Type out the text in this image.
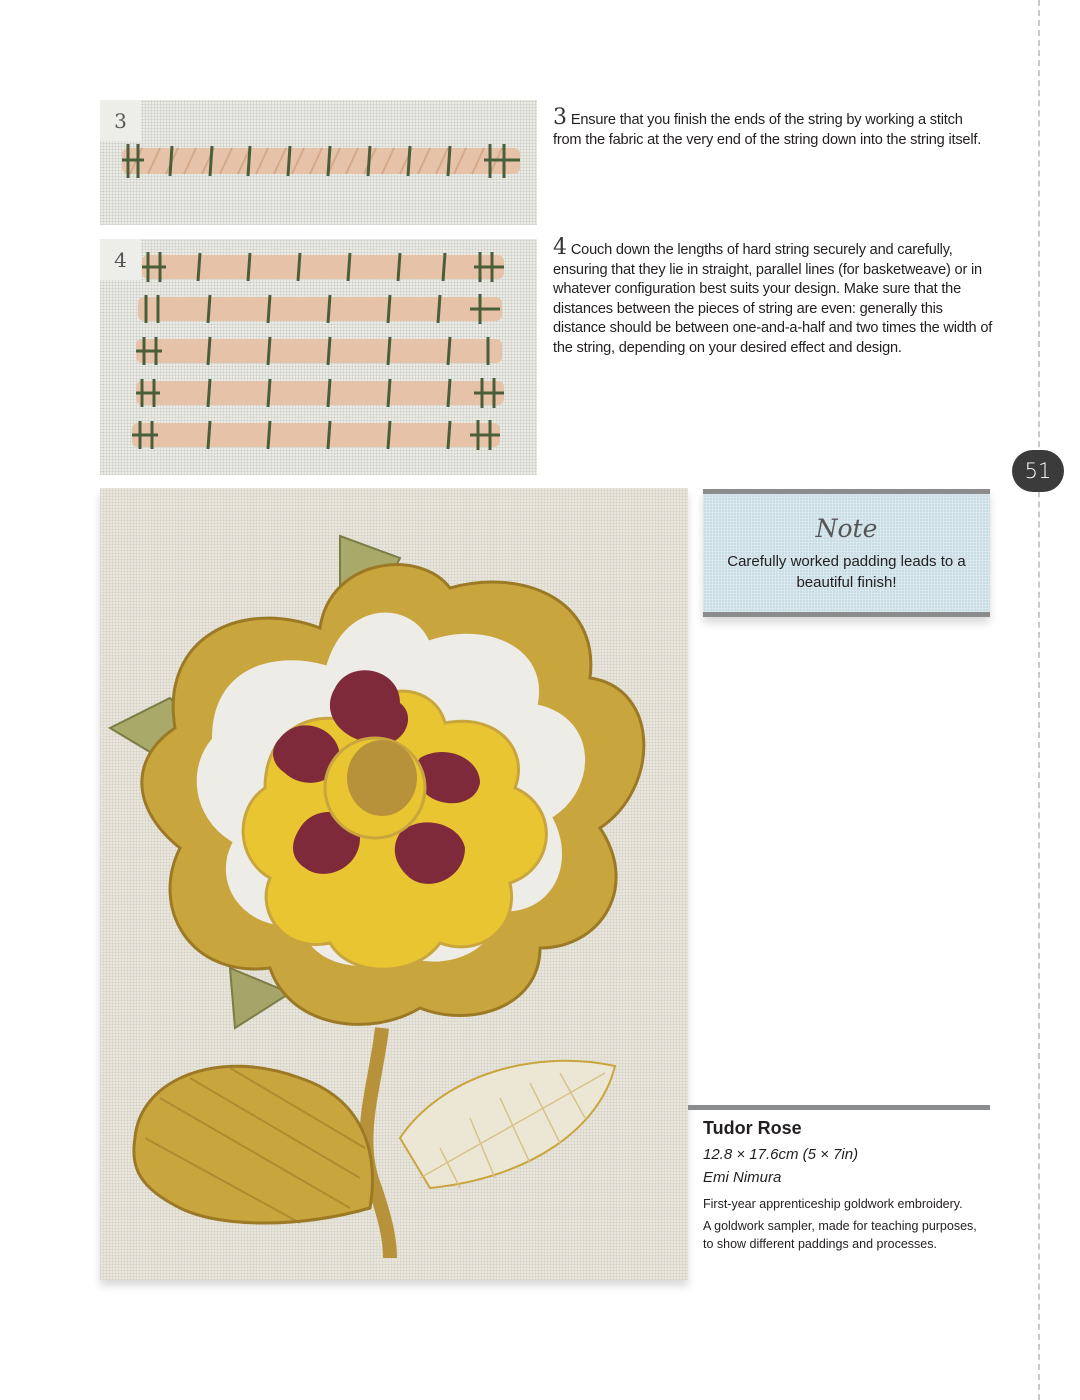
51
3	3 Ensure that you finish the ends of the string by working a stitch from the fabric at the very end of the string down into the string itself.
4	4 Couch down the lengths of hard string securely and carefully, ensuring that they lie in straight, parallel lines (for basketweave) or in whatever configuration best suits your design. Make sure that the distances between the pieces of string are even: generally this distance should be between one-and-a-half and two times the width of the string, depending on your desired effect and design.
Note
Carefully worked padding leads to a beautiful finish!
Tudor Rose
12.8 × 17.6cm (5 × 7in)
Emi Nimura
First-year apprenticeship goldwork embroidery.
A goldwork sampler, made for teaching purposes, to show different paddings and processes.
